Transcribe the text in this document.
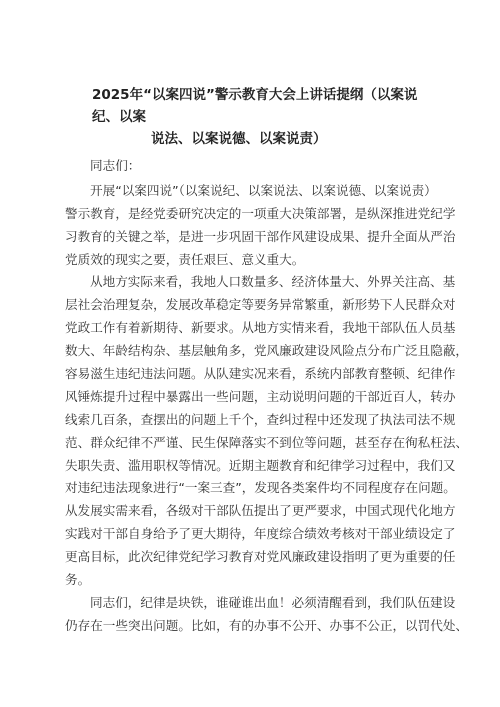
2025年“以案四说”警示教育大会上讲话提纲（以案说纪、以案
说法、以案说德、以案说责）
同志们：
开展“以案四说”（以案说纪、以案说法、以案说德、以案说责）
警示教育，是经党委研究决定的一项重大决策部署，是纵深推进党纪学
习教育的关键之举，是进一步巩固干部作风建设成果、提升全面从严治
党质效的现实之要，责任艰巨、意义重大。
从地方实际来看，我地人口数量多、经济体量大、外界关注高、基
层社会治理复杂，发展改革稳定等要务异常繁重，新形势下人民群众对
党政工作有着新期待、新要求。从地方实情来看，我地干部队伍人员基
数大、年龄结构杂、基层触角多，党风廉政建设风险点分布广泛且隐蔽，
容易滋生违纪违法问题。从队建实况来看，系统内部教育整顿、纪律作
风锤炼提升过程中暴露出一些问题，主动说明问题的干部近百人，转办
线索几百条，查摆出的问题上千个，查纠过程中还发现了执法司法不规
范、群众纪律不严谨、民生保障落实不到位等问题，甚至存在徇私枉法、
失职失责、滥用职权等情况。近期主题教育和纪律学习过程中，我们又
对违纪违法现象进行“一案三查”，发现各类案件均不同程度存在问题。
从发展实需来看，各级对干部队伍提出了更严要求，中国式现代化地方
实践对干部自身给予了更大期待，年度综合绩效考核对干部业绩设定了
更高目标，此次纪律党纪学习教育对党风廉政建设指明了更为重要的任
务。
同志们，纪律是块铁，谁碰谁出血！必须清醒看到，我们队伍建设
仍存在一些突出问题。比如，有的办事不公开、办事不公正，以罚代处、
